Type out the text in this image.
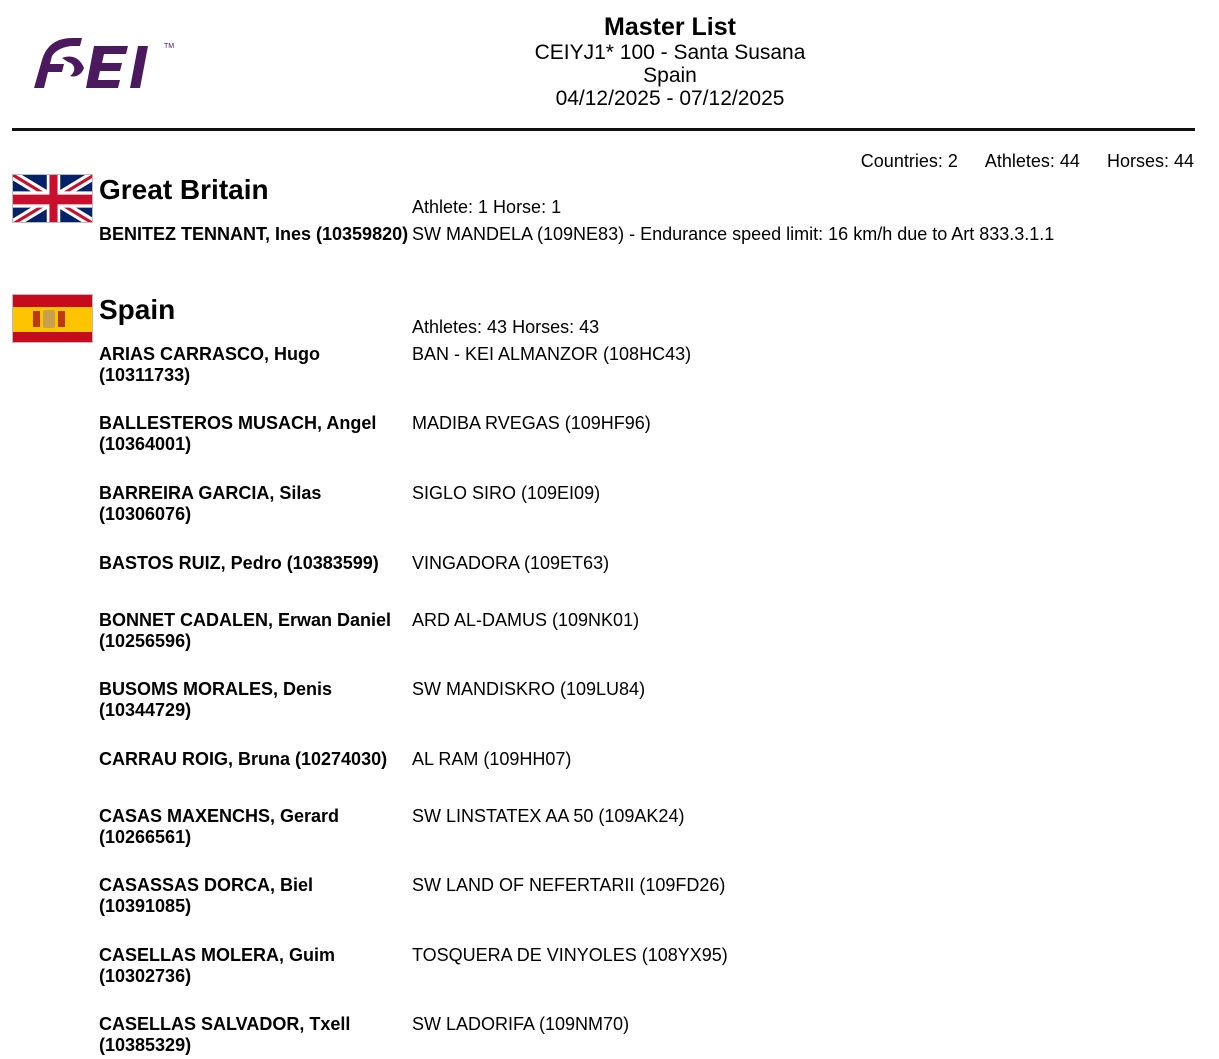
TM
Master List
CEIYJ1* 100 - Santa Susana
Spain
04/12/2025 - 07/12/2025
Countries: 2 Athletes: 44 Horses: 44
Great Britain
Athlete: 1 Horse: 1
BENITEZ TENNANT, Ines (10359820) SW MANDELA (109NE83) - Endurance speed limit: 16 km/h due to Art 833.3.1.1
Spain
Athletes: 43 Horses: 43
ARIAS CARRASCO, Hugo (10311733)
BAN - KEI ALMANZOR (108HC43)
BALLESTEROS MUSACH, Angel (10364001)
MADIBA RVEGAS (109HF96)
BARREIRA GARCIA, Silas (10306076)
SIGLO SIRO (109EI09)
BASTOS RUIZ, Pedro (10383599)	VINGADORA (109ET63)
BONNET CADALEN, Erwan Daniel (10256596)
ARD AL-DAMUS (109NK01)
BUSOMS MORALES, Denis (10344729)
SW MANDISKRO (109LU84)
CARRAU ROIG, Bruna (10274030)	AL RAM (109HH07)
CASAS MAXENCHS, Gerard (10266561)
SW LINSTATEX AA 50 (109AK24)
CASASSAS DORCA, Biel (10391085)
SW LAND OF NEFERTARII (109FD26)
CASELLAS MOLERA, Guim (10302736)
TOSQUERA DE VINYOLES (108YX95)
CASELLAS SALVADOR, Txell (10385329)
SW LADORIFA (109NM70)
